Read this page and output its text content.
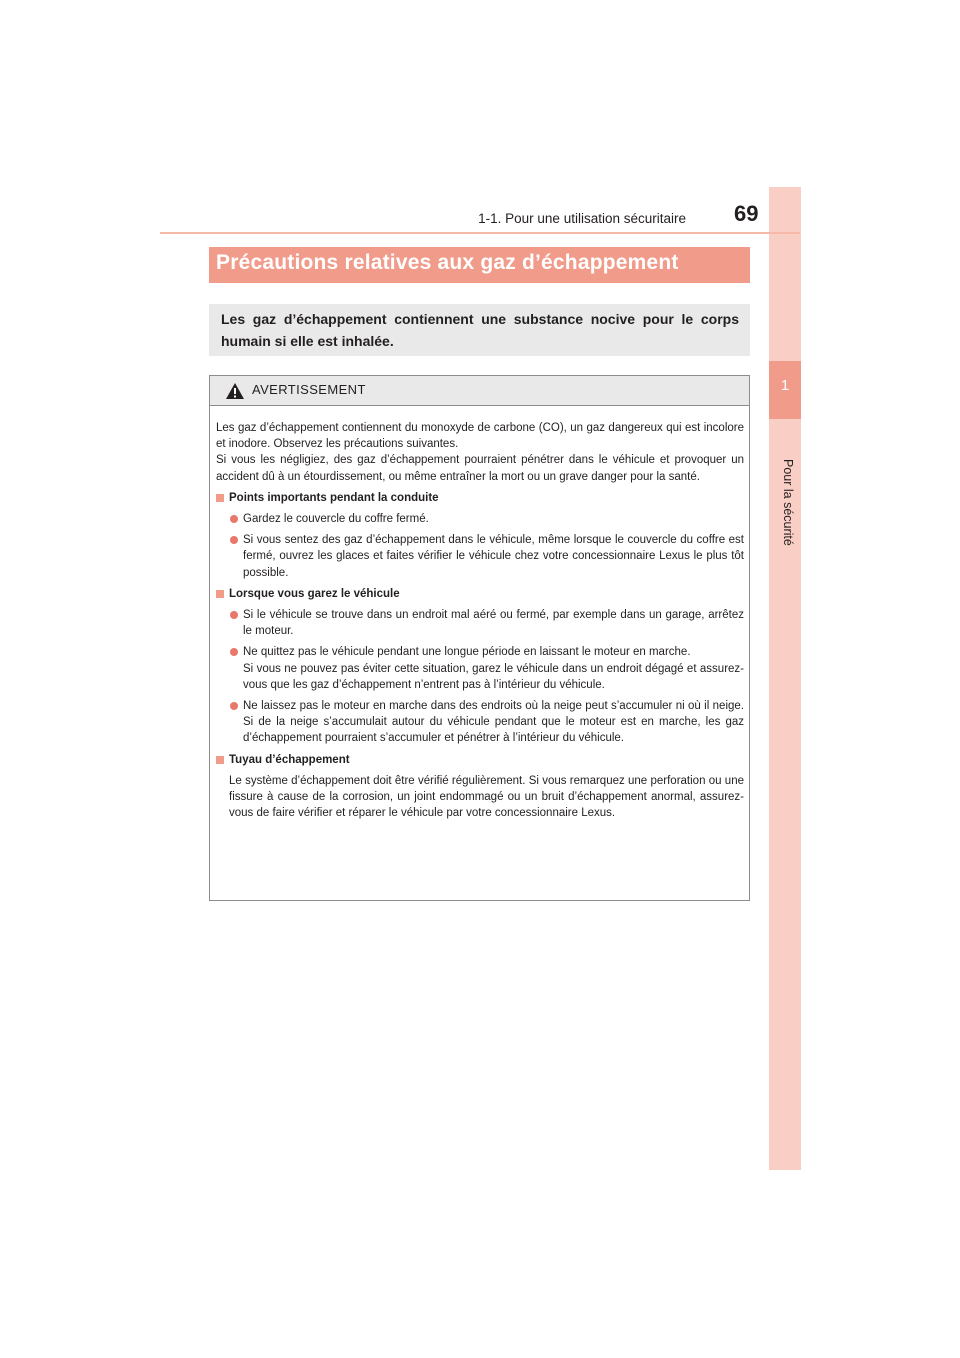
1
Pour la sécurité
1-1. Pour une utilisation sécuritaire 69
Précautions relatives aux gaz d’échappement
Les gaz d’échappement contiennent une substance nocive pour le corps humain si elle est inhalée.
AVERTISSEMENT

Les gaz d’échappement contiennent du monoxyde de carbone (CO), un gaz dangereux qui est incolore et inodore. Observez les précautions suivantes.

Si vous les négligiez, des gaz d’échappement pourraient pénétrer dans le véhicule et provoquer un accident dû à un étourdissement, ou même entraîner la mort ou un grave danger pour la santé.

Points importants pendant la conduite
Gardez le couvercle du coffre fermé.
Si vous sentez des gaz d’échappement dans le véhicule, même lorsque le couvercle du coffre est fermé, ouvrez les glaces et faites vérifier le véhicule chez votre concessionnaire Lexus le plus tôt possible.
Lorsque vous garez le véhicule
Si le véhicule se trouve dans un endroit mal aéré ou fermé, par exemple dans un garage, arrêtez le moteur.
Ne quittez pas le véhicule pendant une longue période en laissant le moteur en marche.
Si vous ne pouvez pas éviter cette situation, garez le véhicule dans un endroit dégagé et assurez-vous que les gaz d’échappement n’entrent pas à l’intérieur du véhicule.
Ne laissez pas le moteur en marche dans des endroits où la neige peut s’accumuler ni où il neige. Si de la neige s’accumulait autour du véhicule pendant que le moteur est en marche, les gaz d’échappement pourraient s’accumuler et pénétrer à l’intérieur du véhicule.
Tuyau d’échappement
Le système d’échappement doit être vérifié régulièrement. Si vous remarquez une perforation ou une fissure à cause de la corrosion, un joint endommagé ou un bruit d’échappement anormal, assurez-vous de faire vérifier et réparer le véhicule par votre concessionnaire Lexus.
